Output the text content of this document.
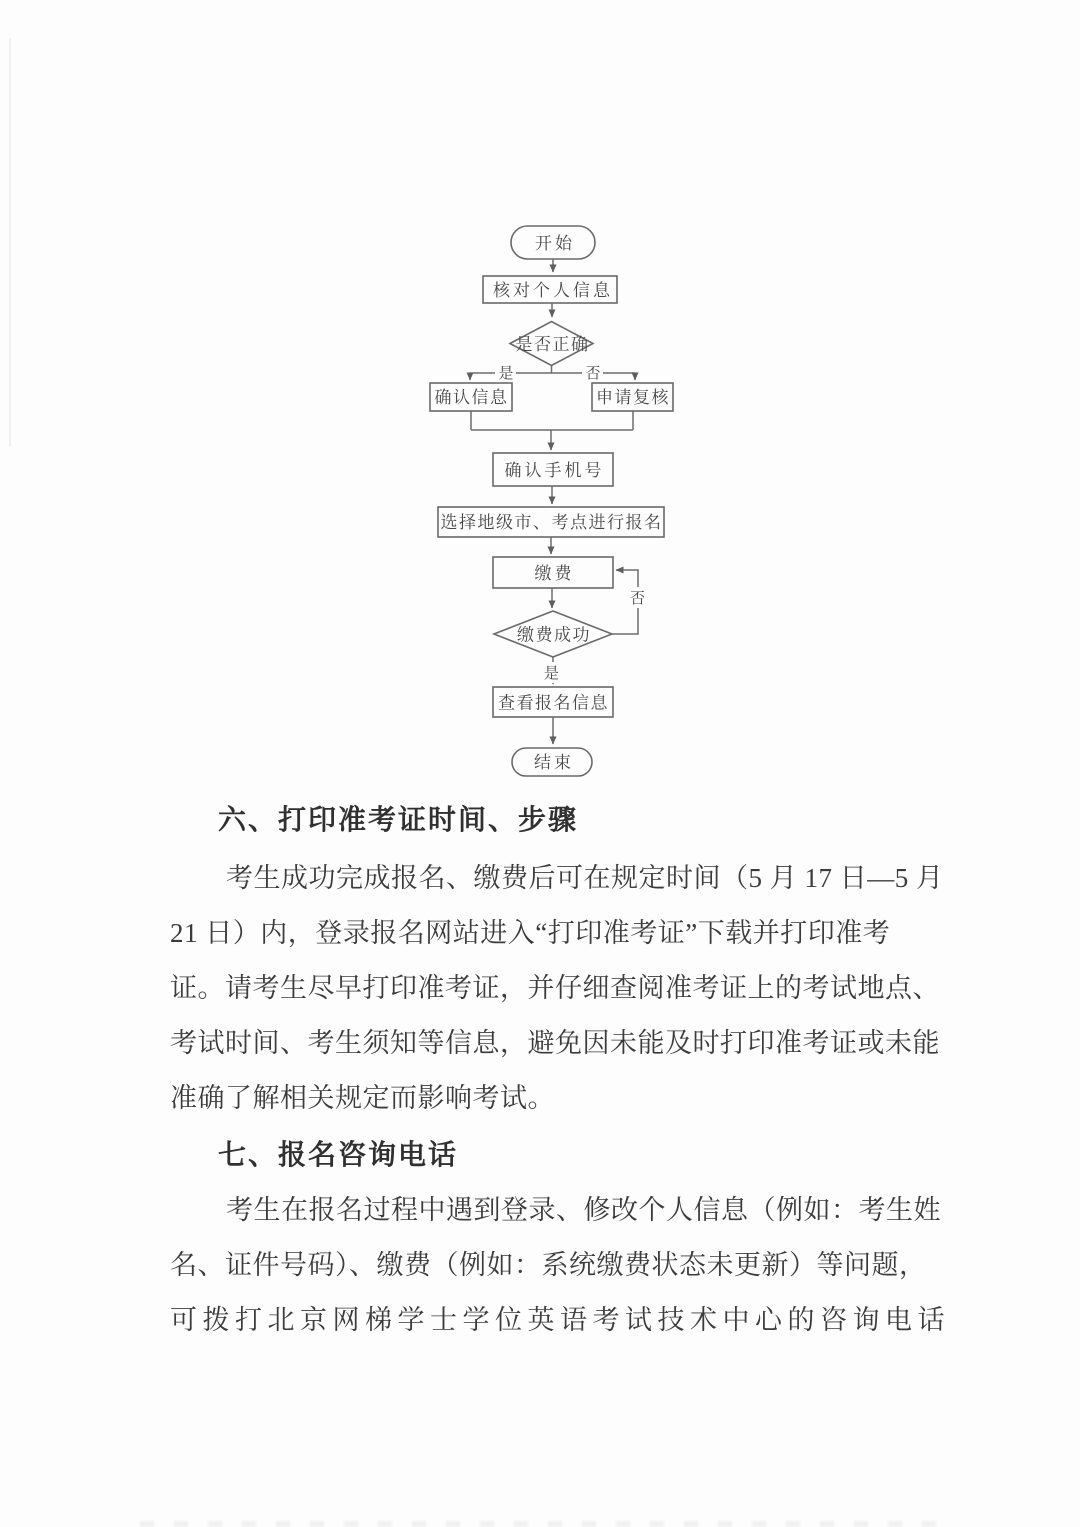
开始
核对个人信息
是否正确
是	否
确认信息	申请复核
确认手机号
选择地级市、考点进行报名
缴费
否
缴费成功
是
查看报名信息
结束
六、打印准考证时间、步骤
考生成功完成报名、缴费后可在规定时间（5 月 17 日—5 月
21 日）内，登录报名网站进入“打印准考证”下载并打印准考
证。请考生尽早打印准考证，并仔细查阅准考证上的考试地点、
考试时间、考生须知等信息，避免因未能及时打印准考证或未能
准确了解相关规定而影响考试。
七、报名咨询电话
考生在报名过程中遇到登录、修改个人信息（例如：考生姓
名、证件号码）、缴费（例如：系统缴费状态未更新）等问题，
可拨打北京网梯学士学位英语考试技术中心的咨询电话
